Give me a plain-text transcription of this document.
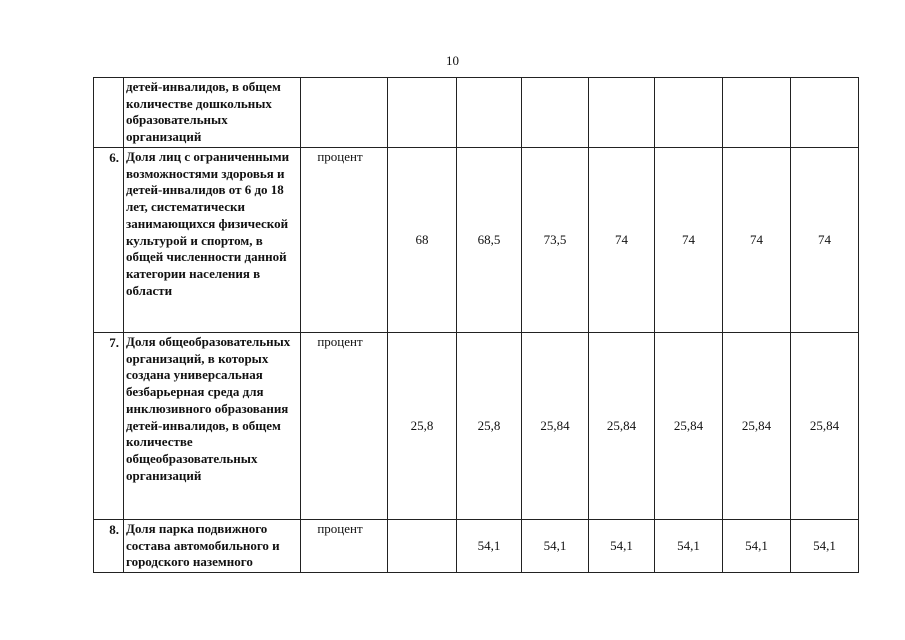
10
	детей-инвалидов, в общем количестве дошкольных образовательных организаций								
6.	Доля лиц с ограниченными возможностями здоровья и детей-инвалидов от 6 до 18 лет, систематически занимающихся физической культурой и спортом, в общей численности данной категории населения в области	процент	68	68,5	73,5	74	74	74	74
7.	Доля общеобразовательных организаций, в которых создана универсальная безбарьерная среда для инклюзивного образования детей-инвалидов, в общем количестве общеобразовательных организаций	процент	25,8	25,8	25,84	25,84	25,84	25,84	25,84
8.	Доля парка подвижного состава автомобильного и городского наземного	процент		54,1	54,1	54,1	54,1	54,1	54,1
